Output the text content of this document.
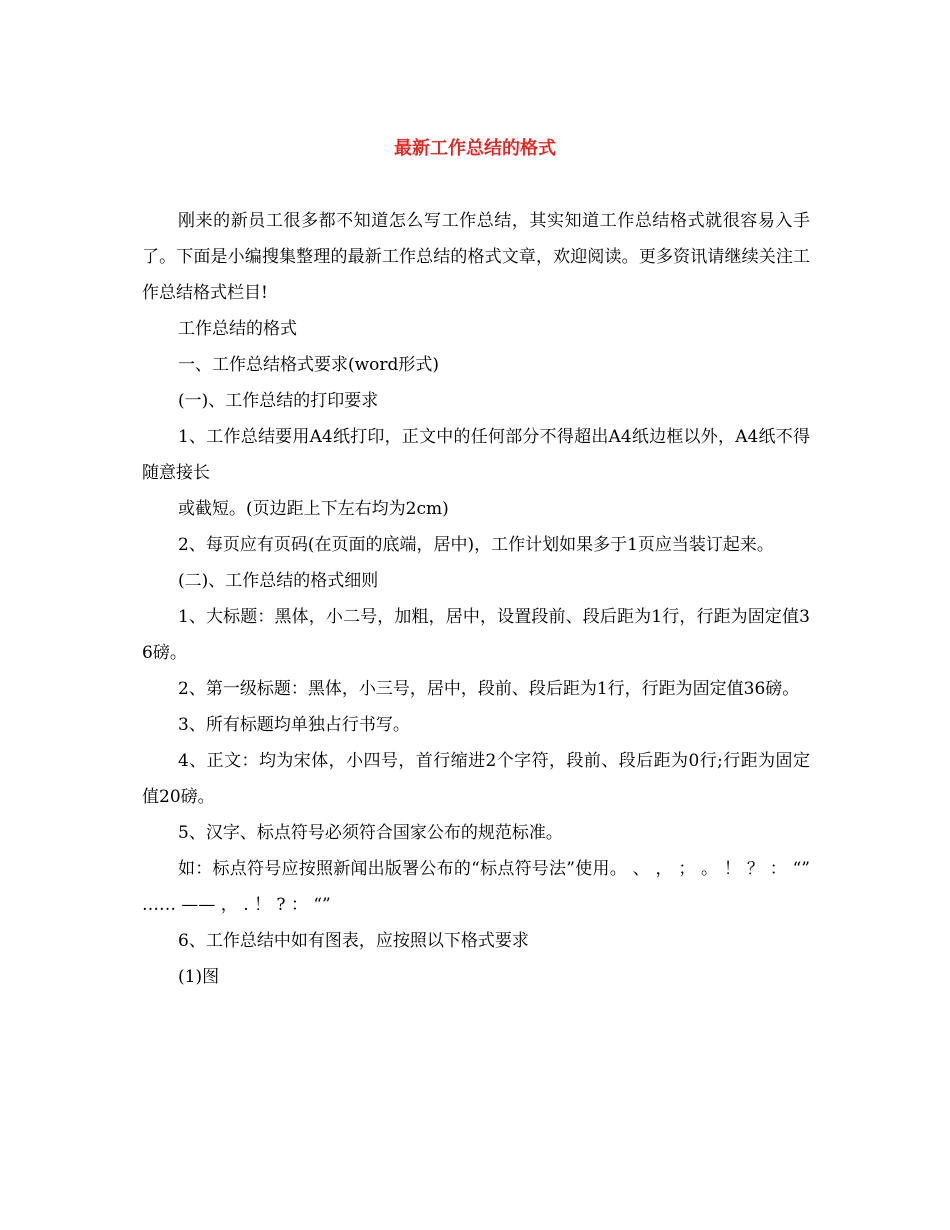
最新工作总结的格式

刚来的新员工很多都不知道怎么写工作总结，其实知道工作总结格式就很容易入手了。下面是小编搜集整理的最新工作总结的格式文章，欢迎阅读。更多资讯请继续关注工作总结格式栏目!

工作总结的格式

一、工作总结格式要求(word形式)

(一)、工作总结的打印要求

1、工作总结要用A4纸打印，正文中的任何部分不得超出A4纸边框以外，A4纸不得随意接长

或截短。(页边距上下左右均为2cm)

2、每页应有页码(在页面的底端，居中)，工作计划如果多于1页应当装订起来。

(二)、工作总结的格式细则

1、大标题：黑体，小二号，加粗，居中，设置段前、段后距为1行，行距为固定值36磅。

2、第一级标题：黑体，小三号，居中，段前、段后距为1行，行距为固定值36磅。

3、所有标题均单独占行书写。

4、正文：均为宋体，小四号，首行缩进2个字符，段前、段后距为0行;行距为固定值20磅。

5、汉字、标点符号必须符合国家公布的规范标准。

如：标点符号应按照新闻出版署公布的“标点符号法”使用。 、 ， ； 。 ！ ？ ： “” …… —— ， . ！ ? ： “”

6、工作总结中如有图表，应按照以下格式要求

(1)图
